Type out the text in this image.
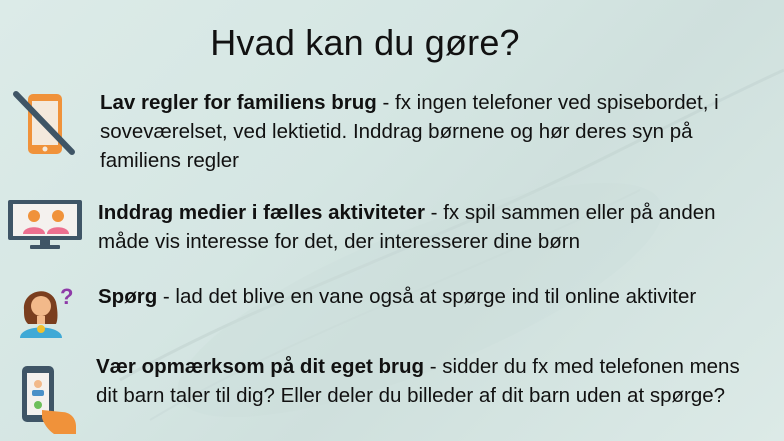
Hvad kan du gøre?
?
Lav regler for familiens brug - fx ingen telefoner ved spisebordet, i soveværelset, ved lektietid. Inddrag børnene og hør deres syn på familiens regler
Inddrag medier i fælles aktiviteter - fx spil sammen eller på anden måde vis interesse for det, der interesserer dine børn
Spørg - lad det blive en vane også at spørge ind til online aktiviter
Vær opmærksom på dit eget brug - sidder du fx med telefonen mens dit barn taler til dig? Eller deler du billeder af dit barn uden at spørge?
